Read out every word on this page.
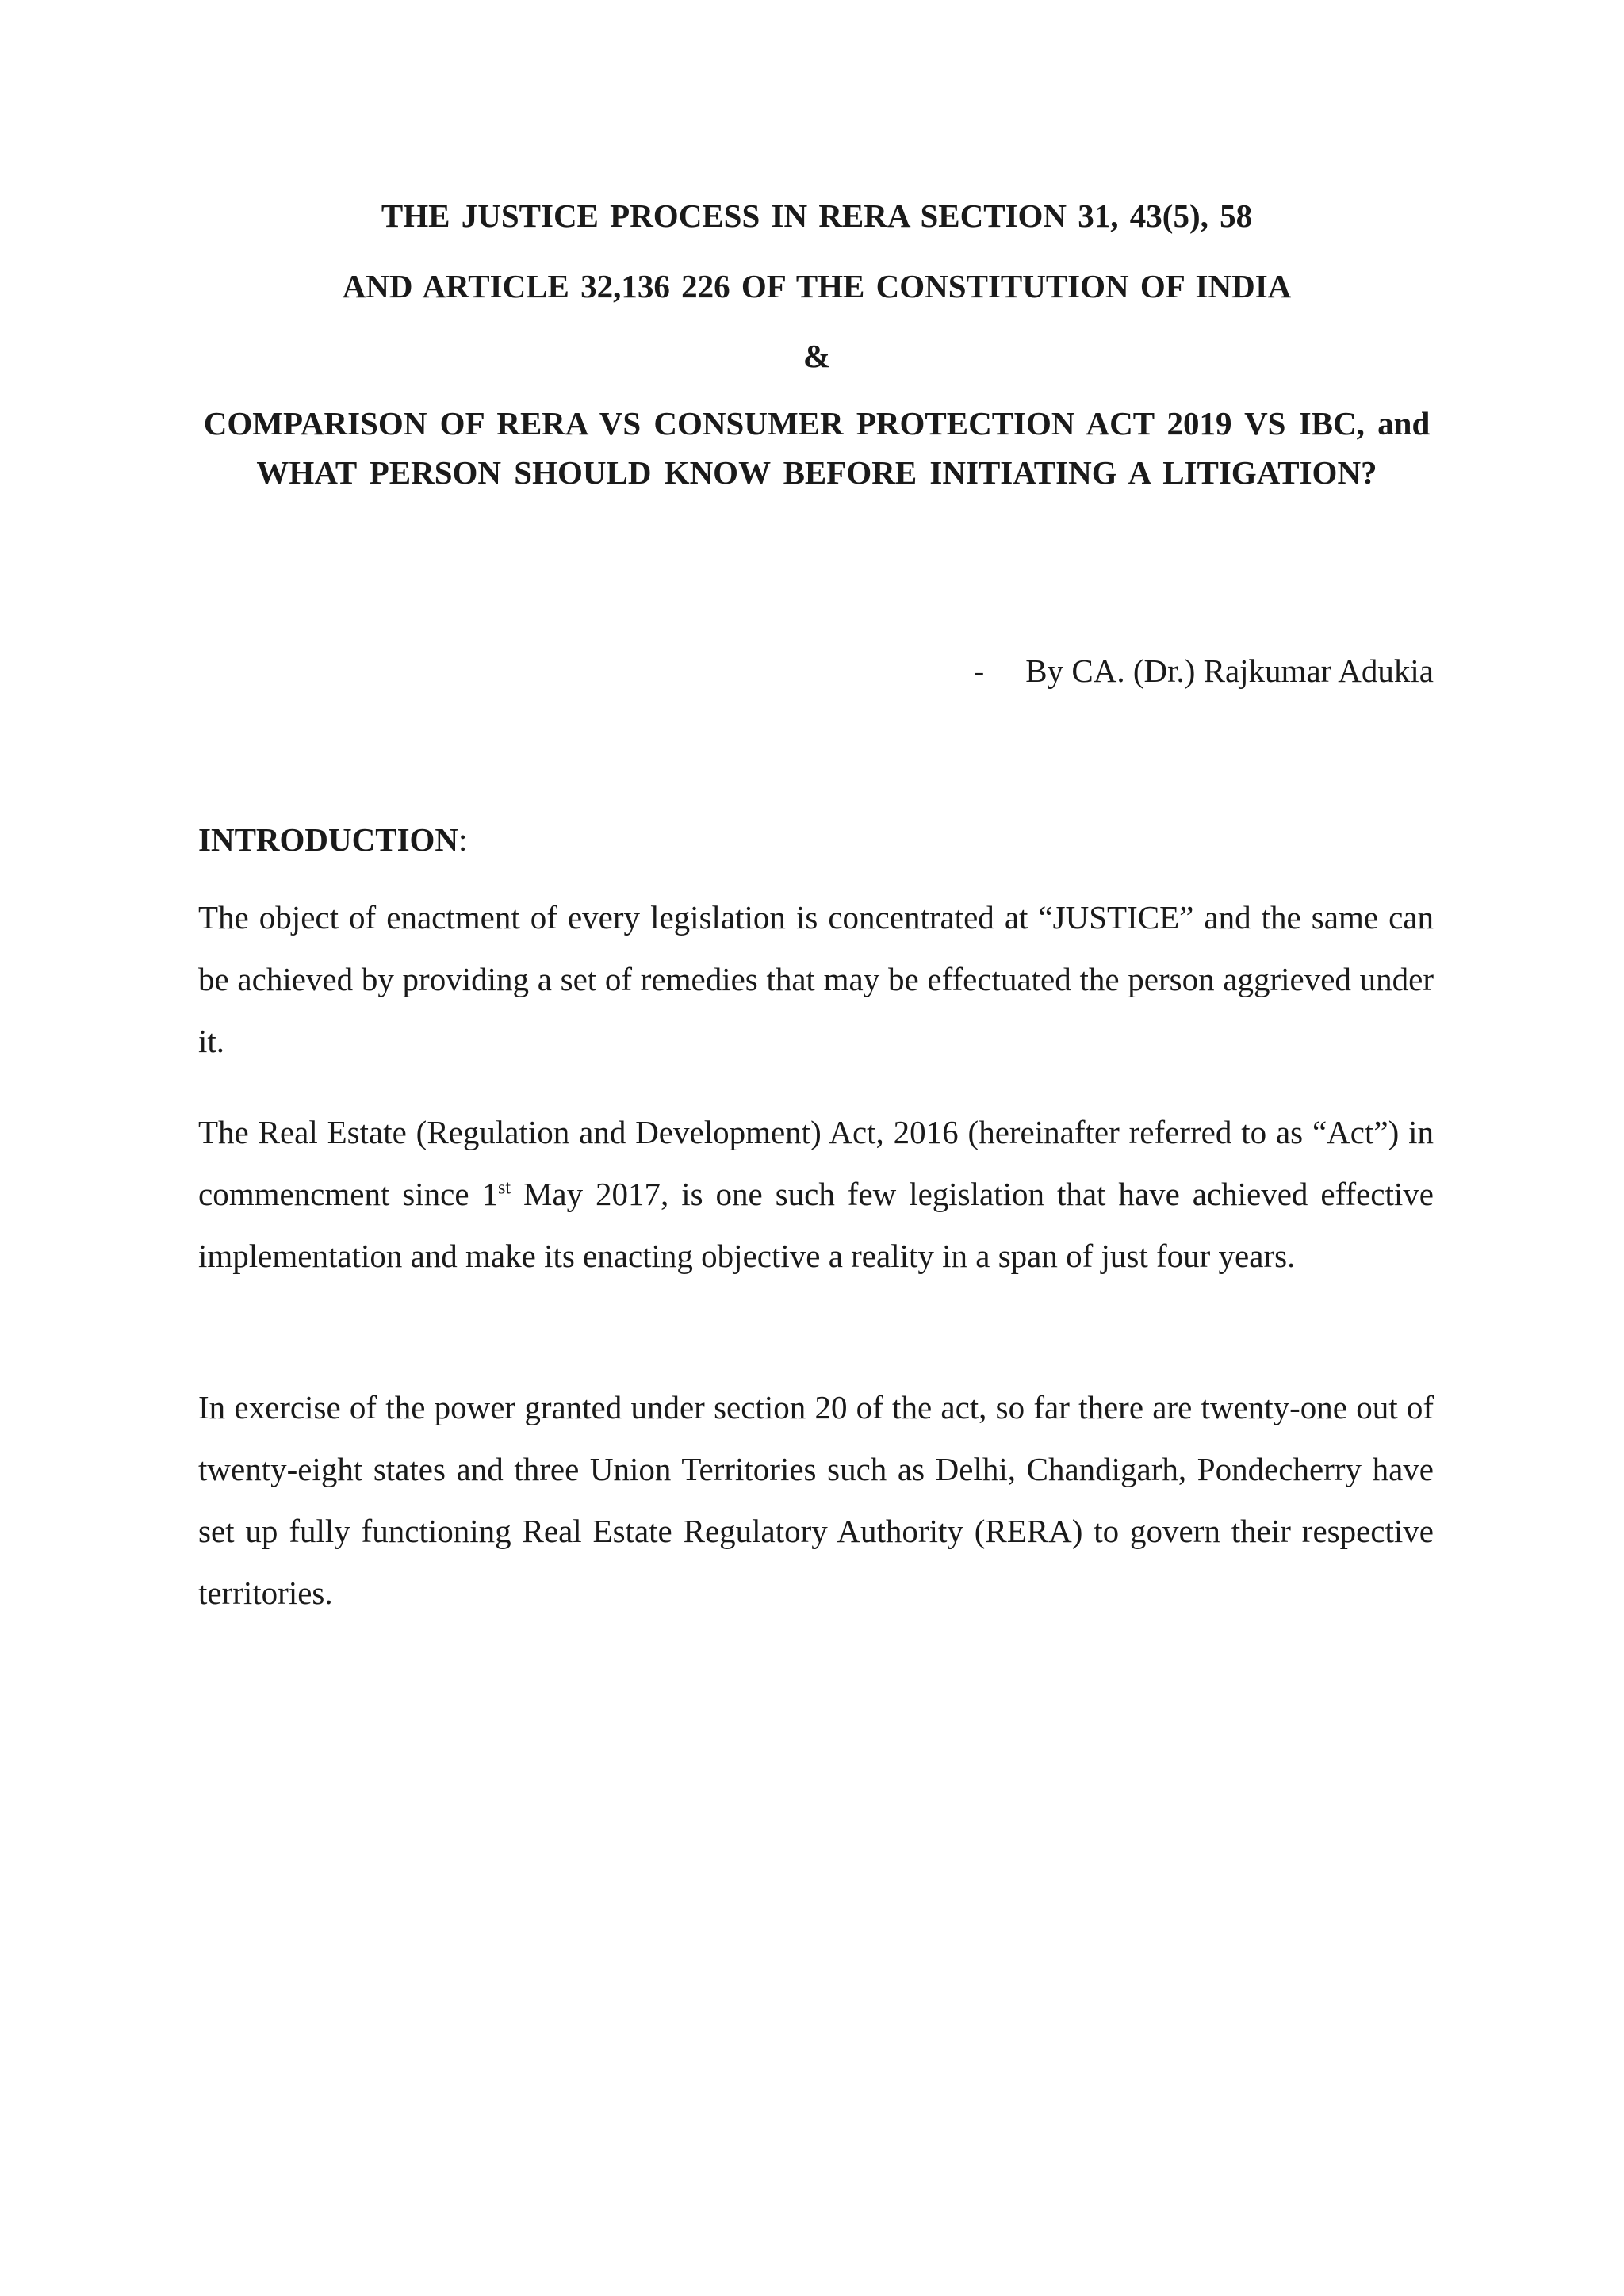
THE JUSTICE PROCESS IN RERA SECTION 31, 43(5), 58
AND ARTICLE 32,136 226 OF THE CONSTITUTION OF INDIA
&
COMPARISON OF RERA VS CONSUMER PROTECTION ACT 2019 VS IBC, and WHAT PERSON SHOULD KNOW BEFORE INITIATING A LITIGATION?
- By CA. (Dr.) Rajkumar Adukia
INTRODUCTION:

The object of enactment of every legislation is concentrated at “JUSTICE” and the same can be achieved by providing a set of remedies that may be effectuated the person aggrieved under it.

The Real Estate (Regulation and Development) Act, 2016 (hereinafter referred to as “Act”) in commencment since 1st May 2017, is one such few legislation that have achieved effective implementation and make its enacting objective a reality in a span of just four years.

In exercise of the power granted under section 20 of the act, so far there are twenty-one out of twenty-eight states and three Union Territories such as Delhi, Chandigarh, Pondecherry have set up fully functioning Real Estate Regulatory Authority (RERA) to govern their respective territories.
